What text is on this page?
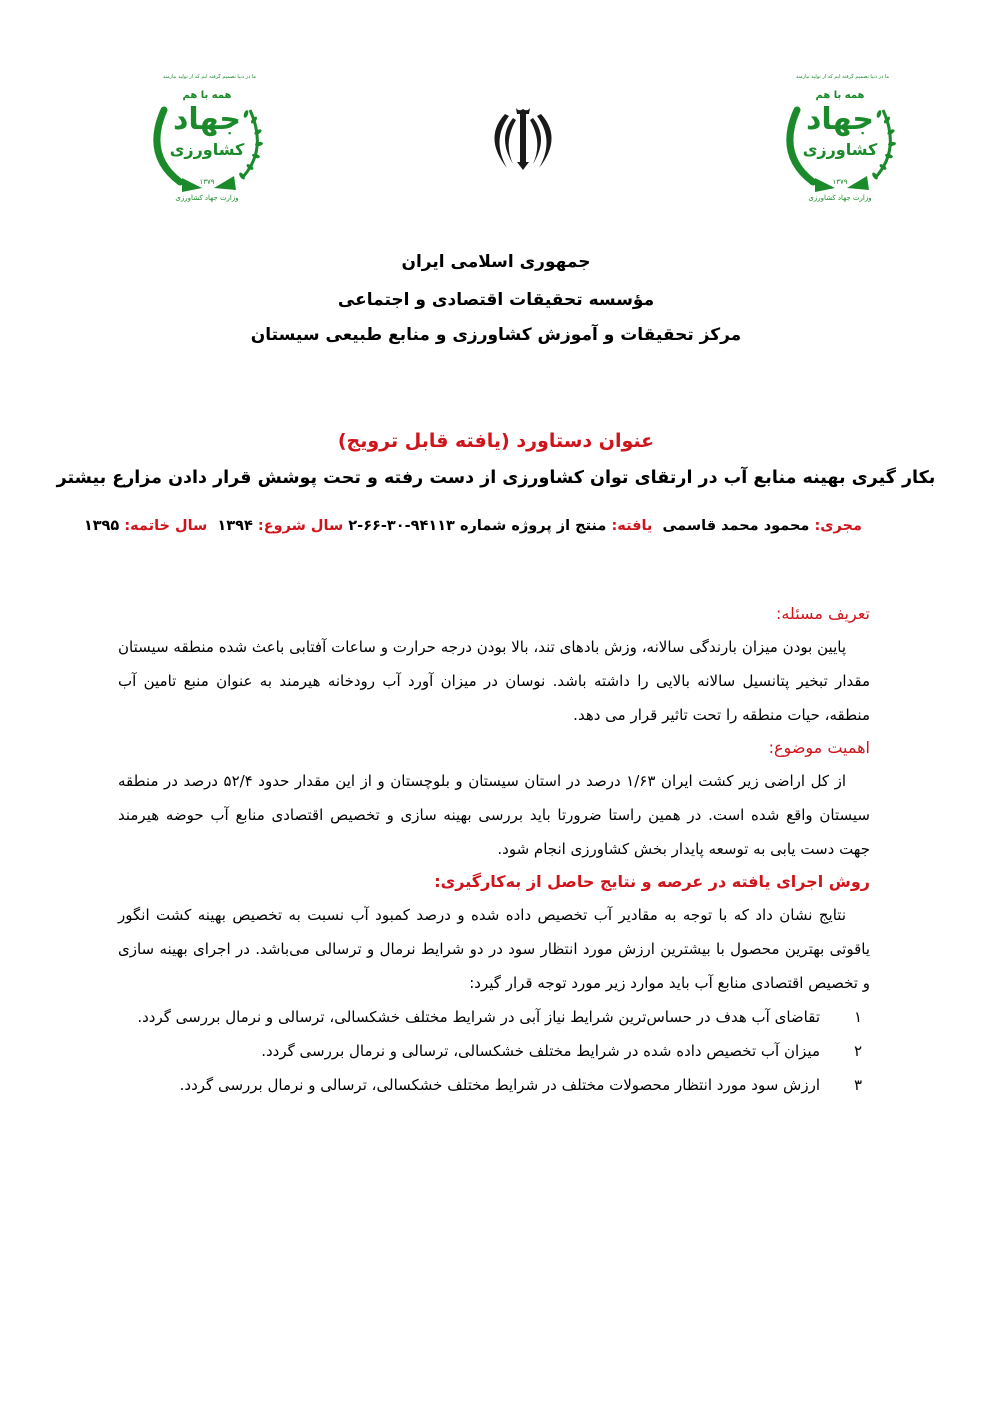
ما در دنیا تصمیم گرفته ایم که از تولید نیازمند
همه با هم
جهاد
کشاورزی
۱۳۷۹
وزارت جهاد کشاورزی
ما در دنیا تصمیم گرفته ایم که از تولید نیازمند
همه با هم
جهاد
کشاورزی
۱۳۷۹
وزارت جهاد کشاورزی
جمهوری اسلامی ایران
مؤسسه تحقیقات اقتصادی و اجتماعی
مرکز تحقیقات و آموزش کشاورزی و منابع طبیعی سیستان
عنوان دستاورد (یافته قابل ترویج)
بکار گیری بهینه منابع آب در ارتقای توان کشاورزی از دست رفته و تحت پوشش قرار دادن مزارع بیشتر
مجری: محمود محمد قاسمی  یافته: منتج از پروژه شماره ۹۴۱۱۳-۳۰-۶۶-۲ سال شروع: ۱۳۹۴  سال خاتمه: ۱۳۹۵
تعریف مسئله:

پایین بودن میزان بارندگی سالانه، وزش بادهای تند، بالا بودن درجه حرارت و ساعات آفتابی باعث شده منطقه سیستان مقدار تبخیر پتانسیل سالانه بالایی را داشته باشد. نوسان در میزان آورد آب رودخانه هیرمند به عنوان منبع تامین آب منطقه، حیات منطقه را تحت تاثیر قرار می دهد.

اهمیت موضوع:

از کل اراضی زیر کشت ایران ۱/۶۳ درصد در استان سیستان و بلوچستان و از این مقدار حدود ۵۲/۴ درصد در منطقه سیستان واقع شده است. در همین راستا ضرورتا باید بررسی بهینه سازی و تخصیص اقتصادی منابع آب حوضه هیرمند جهت دست یابی به توسعه پایدار بخش کشاورزی انجام شود.

روش اجرای یافته در عرصه و نتایج حاصل از به‌کارگیری:

نتایج نشان داد که با توجه به مقادیر آب تخصیص داده شده و درصد کمبود آب نسبت به تخصیص بهینه کشت انگور یاقوتی بهترین محصول با بیشترین ارزش مورد انتظار سود در دو شرایط نرمال و ترسالی می‌باشد. در اجرای بهینه سازی و تخصیص اقتصادی منابع آب باید موارد زیر مورد توجه قرار گیرد:

۱
تقاضای آب هدف در حساس‌ترین شرایط نیاز آبی در شرایط مختلف خشکسالی، ترسالی و نرمال بررسی گردد.
۲
میزان آب تخصیص داده شده در شرایط مختلف خشکسالی، ترسالی و نرمال بررسی گردد.
۳
ارزش سود مورد انتظار محصولات مختلف در شرایط مختلف خشکسالی، ترسالی و نرمال بررسی گردد.
